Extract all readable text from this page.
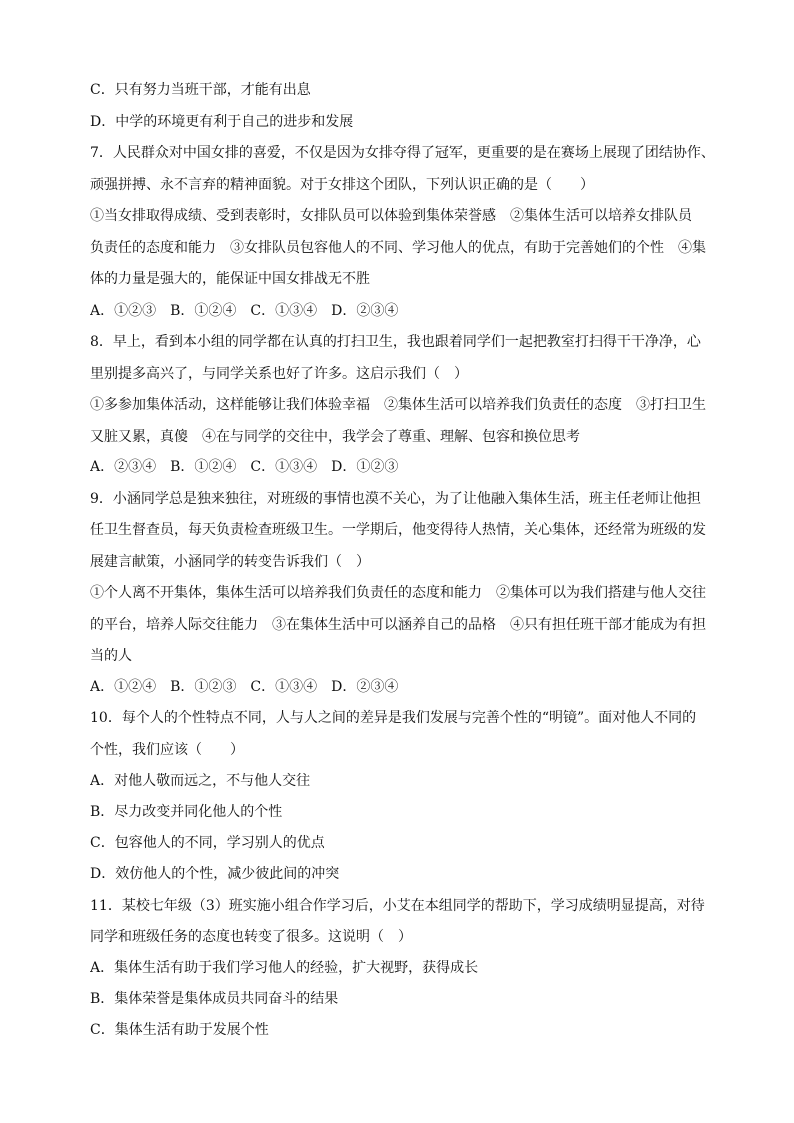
C．只有努力当班干部，才能有出息
D．中学的环境更有利于自己的进步和发展
7．人民群众对中国女排的喜爱，不仅是因为女排夺得了冠军，更重要的是在赛场上展现了团结协作、
顽强拼搏、永不言弃的精神面貌。对于女排这个团队，下列认识正确的是（　　）
①当女排取得成绩、受到表彰时，女排队员可以体验到集体荣誉感　②集体生活可以培养女排队员
负责任的态度和能力　③女排队员包容他人的不同、学习他人的优点，有助于完善她们的个性　④集
体的力量是强大的，能保证中国女排战无不胜
A．①②③　B．①②④　C．①③④　D．②③④
8．早上，看到本小组的同学都在认真的打扫卫生，我也跟着同学们一起把教室打扫得干干净净，心
里别提多高兴了，与同学关系也好了许多。这启示我们（　）
①多参加集体活动，这样能够让我们体验幸福　②集体生活可以培养我们负责任的态度　③打扫卫生
又脏又累，真傻　④在与同学的交往中，我学会了尊重、理解、包容和换位思考
A．②③④　B．①②④　C．①③④　D．①②③
9．小涵同学总是独来独往，对班级的事情也漠不关心，为了让他融入集体生活，班主任老师让他担
任卫生督查员，每天负责检查班级卫生。一学期后，他变得待人热情，关心集体，还经常为班级的发
展建言献策，小涵同学的转变告诉我们（　）
①个人离不开集体，集体生活可以培养我们负责任的态度和能力　②集体可以为我们搭建与他人交往
的平台，培养人际交往能力　③在集体生活中可以涵养自己的品格　④只有担任班干部才能成为有担
当的人
A．①②④　B．①②③　C．①③④　D．②③④
10．每个人的个性特点不同，人与人之间的差异是我们发展与完善个性的“明镜”。面对他人不同的
个性，我们应该（　　）
A．对他人敬而远之，不与他人交往
B．尽力改变并同化他人的个性
C．包容他人的不同，学习别人的优点
D．效仿他人的个性，减少彼此间的冲突
11．某校七年级（3）班实施小组合作学习后，小艾在本组同学的帮助下，学习成绩明显提高，对待
同学和班级任务的态度也转变了很多。这说明（　）
A．集体生活有助于我们学习他人的经验，扩大视野，获得成长
B．集体荣誉是集体成员共同奋斗的结果
C．集体生活有助于发展个性
